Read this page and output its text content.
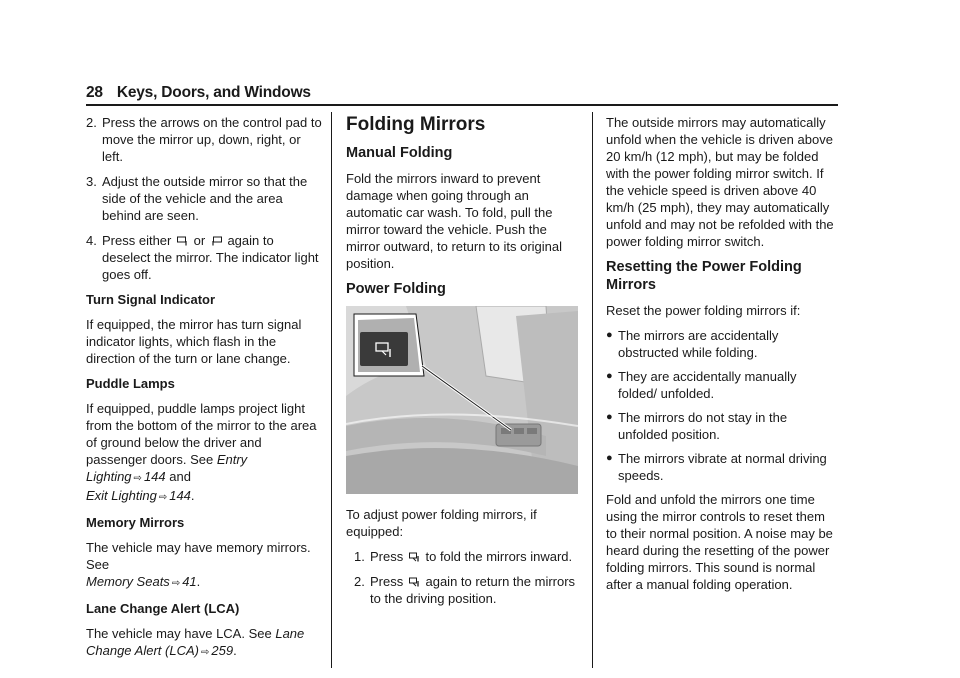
28 Keys, Doors, and Windows
2. Press the arrows on the control pad to move the mirror up, down, right, or left.
3. Adjust the outside mirror so that the side of the vehicle and the area behind are seen.
4. Press either or again to deselect the mirror. The indicator light goes off.

Turn Signal Indicator

If equipped, the mirror has turn signal indicator lights, which flash in the direction of the turn or lane change.

Puddle Lamps

If equipped, puddle lamps project light from the bottom of the mirror to the area of ground below the driver and passenger doors. See Entry Lighting ⇨ 144 and
Exit Lighting ⇨ 144.

Memory Mirrors

The vehicle may have memory mirrors. See
Memory Seats ⇨ 41.

Lane Change Alert (LCA)

The vehicle may have LCA. See Lane Change Alert (LCA) ⇨ 259.

Folding Mirrors
Manual Folding

Fold the mirrors inward to prevent damage when going through an automatic car wash. To fold, pull the mirror toward the vehicle. Push the mirror outward, to return to its original position.

Power Folding

To adjust power folding mirrors, if equipped:

1. Press to fold the mirrors inward.
2. Press again to return the mirrors to the driving position.

The outside mirrors may automatically unfold when the vehicle is driven above 20 km/h (12 mph), but may be folded with the power folding mirror switch. If the vehicle speed is driven above 40 km/h (25 mph), they may automatically unfold and may not be refolded with the power folding mirror switch.

Resetting the Power Folding Mirrors

Reset the power folding mirrors if:

● The mirrors are accidentally obstructed while folding.
● They are accidentally manually folded/ unfolded.
● The mirrors do not stay in the unfolded position.
● The mirrors vibrate at normal driving speeds.

Fold and unfold the mirrors one time using the mirror controls to reset them to their normal position. A noise may be heard during the resetting of the power folding mirrors. This sound is normal after a manual folding operation.
